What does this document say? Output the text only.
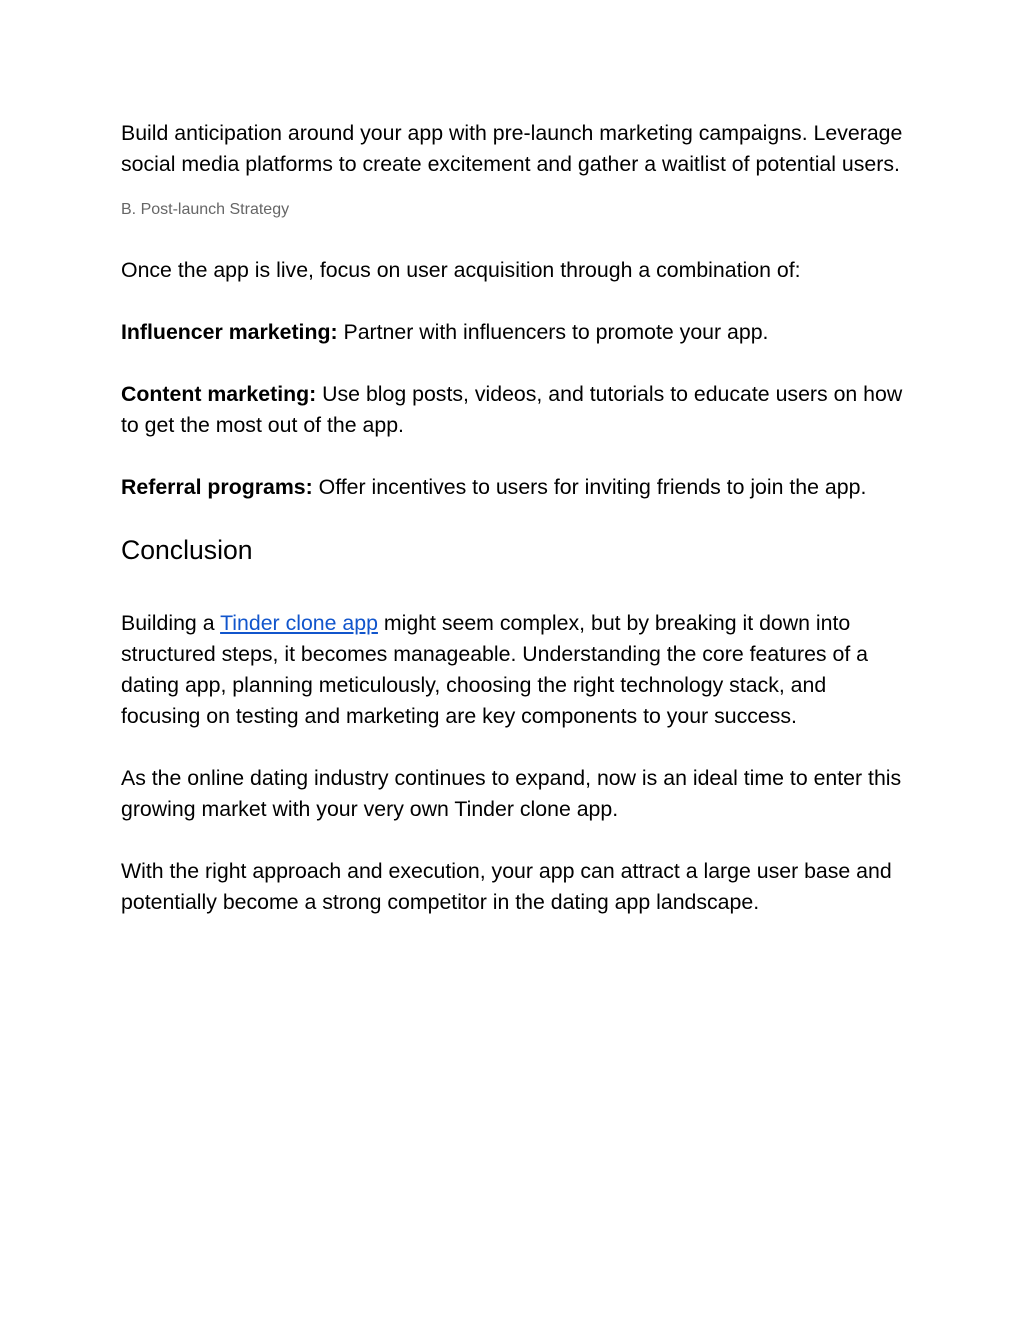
Build anticipation around your app with pre-launch marketing campaigns. Leverage social media platforms to create excitement and gather a waitlist of potential users.

B. Post-launch Strategy

Once the app is live, focus on user acquisition through a combination of:

Influencer marketing: Partner with influencers to promote your app.

Content marketing: Use blog posts, videos, and tutorials to educate users on how to get the most out of the app.

Referral programs: Offer incentives to users for inviting friends to join the app.

Conclusion

Building a Tinder clone app might seem complex, but by breaking it down into structured steps, it becomes manageable. Understanding the core features of a dating app, planning meticulously, choosing the right technology stack, and focusing on testing and marketing are key components to your success.

As the online dating industry continues to expand, now is an ideal time to enter this growing market with your very own Tinder clone app.

With the right approach and execution, your app can attract a large user base and potentially become a strong competitor in the dating app landscape.
